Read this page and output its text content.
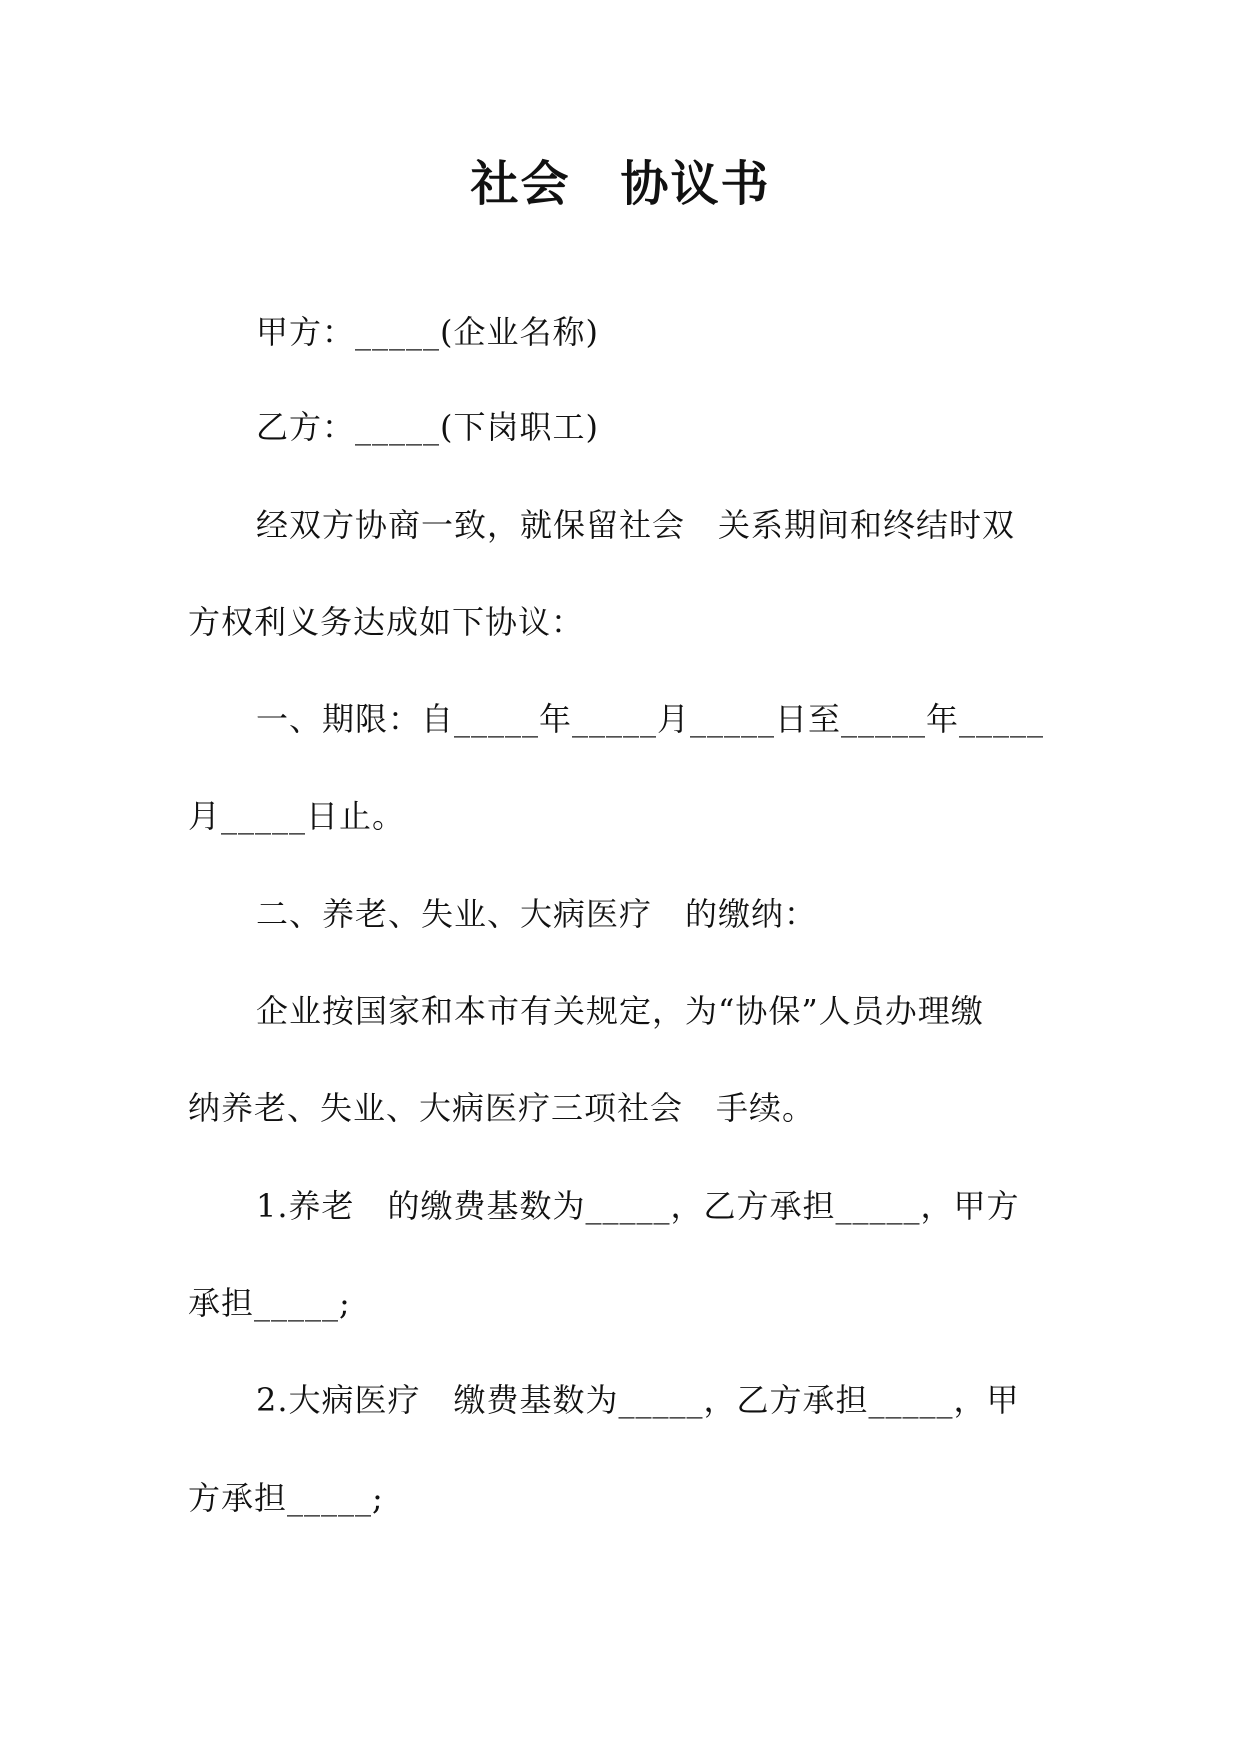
社会　协议书
甲方：_____(企业名称)
乙方：_____(下岗职工)
经双方协商一致，就保留社会　关系期间和终结时双
方权利义务达成如下协议：
一、期限：自_____年_____月_____日至_____年_____
月_____日止。
二、养老、失业、大病医疗　的缴纳：
企业按国家和本市有关规定，为“协保”人员办理缴
纳养老、失业、大病医疗三项社会　手续。
1.养老　的缴费基数为_____，乙方承担_____，甲方
承担_____;
2.大病医疗　缴费基数为_____，乙方承担_____，甲
方承担_____;
